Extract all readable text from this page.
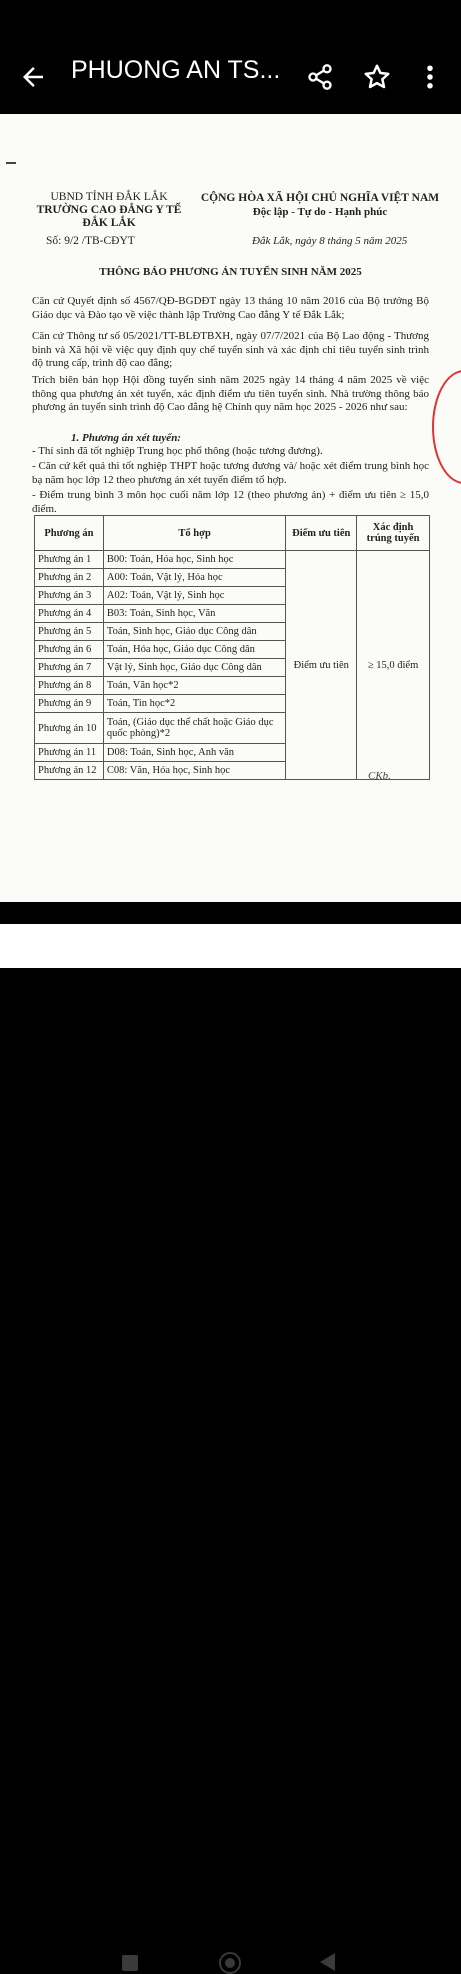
PHUONG AN TS...
UBND TỈNH ĐẮK LẮK
TRƯỜNG CAO ĐẲNG Y TẾ
ĐẮK LẮK
CỘNG HÒA XÃ HỘI CHỦ NGHĨA VIỆT NAM
Độc lập - Tự do - Hạnh phúc
Số: 9/2 /TB-CĐYT	Đắk Lắk, ngày 8 tháng 5 năm 2025
THÔNG BÁO PHƯƠNG ÁN TUYỂN SINH NĂM 2025
Căn cứ Quyết định số 4567/QĐ-BGDĐT ngày 13 tháng 10 năm 2016 của Bộ trưởng Bộ Giáo dục và Đào tạo về việc thành lập Trường Cao đẳng Y tế Đắk Lắk;
Căn cứ Thông tư số 05/2021/TT-BLĐTBXH, ngày 07/7/2021 của Bộ Lao động - Thương binh và Xã hội về việc quy định quy chế tuyển sinh và xác định chỉ tiêu tuyển sinh trình độ trung cấp, trình độ cao đẳng;
Trích biên bản họp Hội đồng tuyển sinh năm 2025 ngày 14 tháng 4 năm 2025 về việc thông qua phương án xét tuyển, xác định điểm ưu tiên tuyển sinh. Nhà trường thông báo phương án tuyển sinh trình độ Cao đẳng hệ Chính quy năm học 2025 - 2026 như sau:
1. Phương án xét tuyển:
- Thí sinh đã tốt nghiệp Trung học phổ thông (hoặc tương đương).
- Căn cứ kết quả thi tốt nghiệp THPT hoặc tương đương và/ hoặc xét điểm trung bình học bạ năm học lớp 12 theo phương án xét tuyển điểm tổ hợp.
- Điểm trung bình 3 môn học cuối năm lớp 12 (theo phương án) + điểm ưu tiên ≥ 15,0 điểm.
Phương án	Tổ hợp	Điểm ưu tiên	Xác định trúng tuyển
Phương án 1	B00: Toán, Hóa học, Sinh học	Điểm ưu tiên	≥ 15,0 điểm
Phương án 2	A00: Toán, Vật lý, Hóa học		
Phương án 3	A02: Toán, Vật lý, Sinh học		
Phương án 4	B03: Toán, Sinh học, Văn		
Phương án 5	Toán, Sinh học, Giáo dục Công dân		
Phương án 6	Toán, Hóa học, Giáo dục Công dân		
Phương án 7	Vật lý, Sinh học, Giáo dục Công dân		
Phương án 8	Toán, Văn học*2		
Phương án 9	Toán, Tin học*2		
Phương án 10	Toán, (Giáo dục thể chất hoặc Giáo dục quốc phòng)*2		
Phương án 11	D08: Toán, Sinh học, Anh văn		
Phương án 12	C08: Văn, Hóa học, Sinh học			CKb.
